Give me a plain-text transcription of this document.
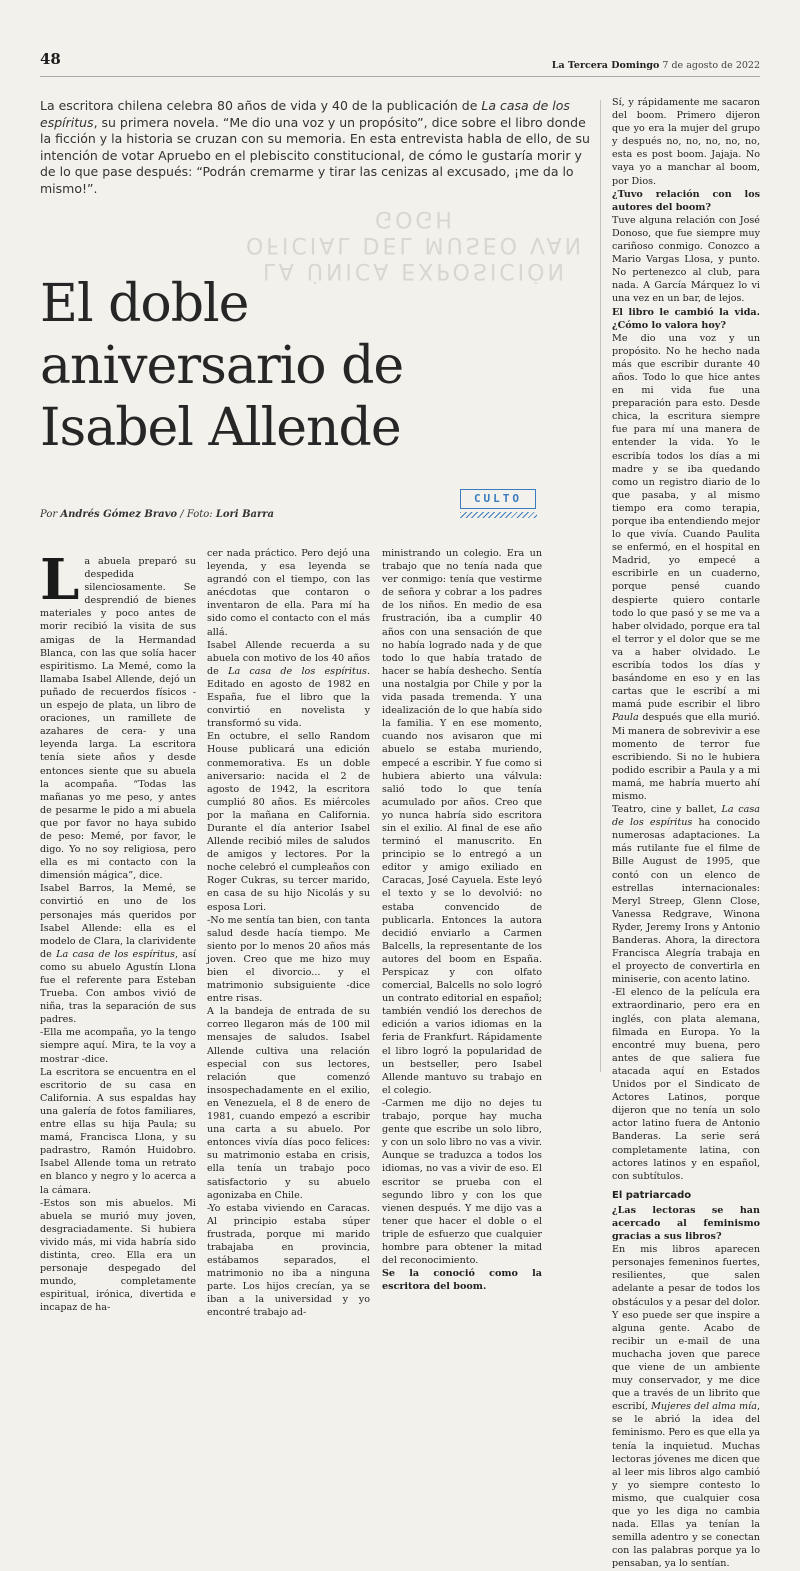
48	La Tercera Domingo 7 de agosto de 2022
La escritora chilena celebra 80 años de vida y 40 de la publicación de La casa de los espíritus, su primera novela. “Me dio una voz y un propósito”, dice sobre el libro donde la ficción y la historia se cruzan con su memoria. En esta entrevista habla de ello, de su intención de votar Apruebo en el plebiscito constitucional, de cómo le gustaría morir y de lo que pase después: “Podrán cremarme y tirar las cenizas al excusado, ¡me da lo mismo!”.
LA ÚNICA EXPOSICIÓN OFICIAL DEL MUSEO VAN GOGH
El doble
aniversario de
Isabel Allende
Por Andrés Gómez Bravo / Foto: Lori Barra
CULTO

La abuela preparó su despedida silenciosamente. Se desprendió de bienes materiales y poco antes de morir recibió la visita de sus amigas de la Hermandad Blanca, con las que solía hacer espiritismo. La Memé, como la llamaba Isabel Allende, dejó un puñado de recuerdos físicos - un espejo de plata, un libro de oraciones, un ramillete de azahares de cera- y una leyenda larga. La escritora tenía siete años y desde entonces siente que su abuela la acompaña. “Todas las mañanas yo me peso, y antes de pesarme le pido a mi abuela que por favor no haya subido de peso: Memé, por favor, le digo. Yo no soy religiosa, pero ella es mi contacto con la dimensión mágica”, dice.

Isabel Barros, la Memé, se convirtió en uno de los personajes más queridos por Isabel Allende: ella es el modelo de Clara, la clarividente de La casa de los espíritus, así como su abuelo Agustín Llona fue el referente para Esteban Trueba. Con ambos vivió de niña, tras la separación de sus padres.

-Ella me acompaña, yo la tengo siempre aquí. Mira, te la voy a mostrar -dice.

La escritora se encuentra en el escritorio de su casa en California. A sus espaldas hay una galería de fotos familiares, entre ellas su hija Paula; su mamá, Francisca Llona, y su padrastro, Ramón Huidobro. Isabel Allende toma un retrato en blanco y negro y lo acerca a la cámara.

-Estos son mis abuelos. Mi abuela se murió muy joven, desgraciadamente. Si hubiera vivido más, mi vida habría sido distinta, creo. Ella era un personaje despegado del mundo, completamente espiritual, irónica, divertida e incapaz de ha-

cer nada práctico. Pero dejó una leyenda, y esa leyenda se agrandó con el tiempo, con las anécdotas que contaron o inventaron de ella. Para mí ha sido como el contacto con el más allá.

Isabel Allende recuerda a su abuela con motivo de los 40 años de La casa de los espíritus. Editado en agosto de 1982 en España, fue el libro que la convirtió en novelista y transformó su vida.

En octubre, el sello Random House publicará una edición conmemorativa. Es un doble aniversario: nacida el 2 de agosto de 1942, la escritora cumplió 80 años. Es miércoles por la mañana en California. Durante el día anterior Isabel Allende recibió miles de saludos de amigos y lectores. Por la noche celebró el cumpleaños con Roger Cukras, su tercer marido, en casa de su hijo Nicolás y su esposa Lori.

-No me sentía tan bien, con tanta salud desde hacía tiempo. Me siento por lo menos 20 años más joven. Creo que me hizo muy bien el divorcio... y el matrimonio subsiguiente -dice entre risas.

A la bandeja de entrada de su correo llegaron más de 100 mil mensajes de saludos. Isabel Allende cultiva una relación especial con sus lectores, relación que comenzó insospechadamente en el exilio, en Venezuela, el 8 de enero de 1981, cuando empezó a escribir una carta a su abuelo. Por entonces vivía días poco felices: su matrimonio estaba en crisis, ella tenía un trabajo poco satisfactorio y su abuelo agonizaba en Chile.

-Yo estaba viviendo en Caracas. Al principio estaba súper frustrada, porque mi marido trabajaba en provincia, estábamos separados, el matrimonio no iba a ninguna parte. Los hijos crecían, ya se iban a la universidad y yo encontré trabajo ad-

ministrando un colegio. Era un trabajo que no tenía nada que ver conmigo: tenía que vestirme de señora y cobrar a los padres de los niños. En medio de esa frustración, iba a cumplir 40 años con una sensación de que no había logrado nada y de que todo lo que había tratado de hacer se había deshecho. Sentía una nostalgia por Chile y por la vida pasada tremenda. Y una idealización de lo que había sido la familia. Y en ese momento, cuando nos avisaron que mi abuelo se estaba muriendo, empecé a escribir. Y fue como si hubiera abierto una válvula: salió todo lo que tenía acumulado por años. Creo que yo nunca habría sido escritora sin el exilio. Al final de ese año terminó el manuscrito. En principio se lo entregó a un editor y amigo exiliado en Caracas, José Cayuela. Este leyó el texto y se lo devolvió: no estaba convencido de publicarla. Entonces la autora decidió enviarlo a Carmen Balcells, la representante de los autores del boom en España. Perspicaz y con olfato comercial, Balcells no solo logró un contrato editorial en español; también vendió los derechos de edición a varios idiomas en la feria de Frankfurt. Rápidamente el libro logró la popularidad de un bestseller, pero Isabel Allende mantuvo su trabajo en el colegio.

-Carmen me dijo no dejes tu trabajo, porque hay mucha gente que escribe un solo libro, y con un solo libro no vas a vivir. Aunque se traduzca a todos los idiomas, no vas a vivir de eso. El escritor se prueba con el segundo libro y con los que vienen después. Y me dijo vas a tener que hacer el doble o el triple de esfuerzo que cualquier hombre para obtener la mitad del reconocimiento.

Se la conoció como la escritora del boom.

Sí, y rápidamente me sacaron del boom. Primero dijeron que yo era la mujer del grupo y después no, no, no, no, no, esta es post boom. Jajaja. No vaya yo a manchar al boom, por Dios.

¿Tuvo relación con los autores del boom?

Tuve alguna relación con José Donoso, que fue siempre muy cariñoso conmigo. Conozco a Mario Vargas Llosa, y punto. No pertenezco al club, para nada. A García Márquez lo vi una vez en un bar, de lejos.

El libro le cambió la vida. ¿Cómo lo valora hoy?

Me dio una voz y un propósito. No he hecho nada más que escribir durante 40 años. Todo lo que hice antes en mi vida fue una preparación para esto. Desde chica, la escritura siempre fue para mí una manera de entender la vida. Yo le escribía todos los días a mi madre y se iba quedando como un registro diario de lo que pasaba, y al mismo tiempo era como terapia, porque iba entendiendo mejor lo que vivía. Cuando Paulita se enfermó, en el hospital en Madrid, yo empecé a escribirle en un cuaderno, porque pensé cuando despierte quiero contarle todo lo que pasó y se me va a haber olvidado, porque era tal el terror y el dolor que se me va a haber olvidado. Le escribía todos los días y basándome en eso y en las cartas que le escribí a mi mamá pude escribir el libro Paula después que ella murió. Mi manera de sobrevivir a ese momento de terror fue escribiendo. Si no le hubiera podido escribir a Paula y a mi mamá, me habría muerto ahí mismo.

Teatro, cine y ballet, La casa de los espíritus ha conocido numerosas adaptaciones. La más rutilante fue el filme de Bille August de 1995, que contó con un elenco de estrellas internacionales: Meryl Streep, Glenn Close, Vanessa Redgrave, Winona Ryder, Jeremy Irons y Antonio Banderas. Ahora, la directora Francisca Alegría trabaja en el proyecto de convertirla en miniserie, con acento latino.

-El elenco de la película era extraordinario, pero era en inglés, con plata alemana, filmada en Europa. Yo la encontré muy buena, pero antes de que saliera fue atacada aquí en Estados Unidos por el Sindicato de Actores Latinos, porque dijeron que no tenía un solo actor latino fuera de Antonio Banderas. La serie será completamente latina, con actores latinos y en español, con subtítulos.

El patriarcado

¿Las lectoras se han acercado al feminismo gracias a sus libros?

En mis libros aparecen personajes femeninos fuertes, resilientes, que salen adelante a pesar de todos los obstáculos y a pesar del dolor. Y eso puede ser que inspire a alguna gente. Acabo de recibir un e-mail de una muchacha joven que parece que viene de un ambiente muy conservador, y me dice que a través de un librito que escribí, Mujeres del alma mía, se le abrió la idea del feminismo. Pero es que ella ya tenía la inquietud. Muchas lectoras jóvenes me dicen que al leer mis libros algo cambió y yo siempre contesto lo mismo, que cualquier cosa que yo les diga no cambia nada. Ellas ya tenían la semilla adentro y se conectan con las palabras porque ya lo pensaban, ya lo sentían.
